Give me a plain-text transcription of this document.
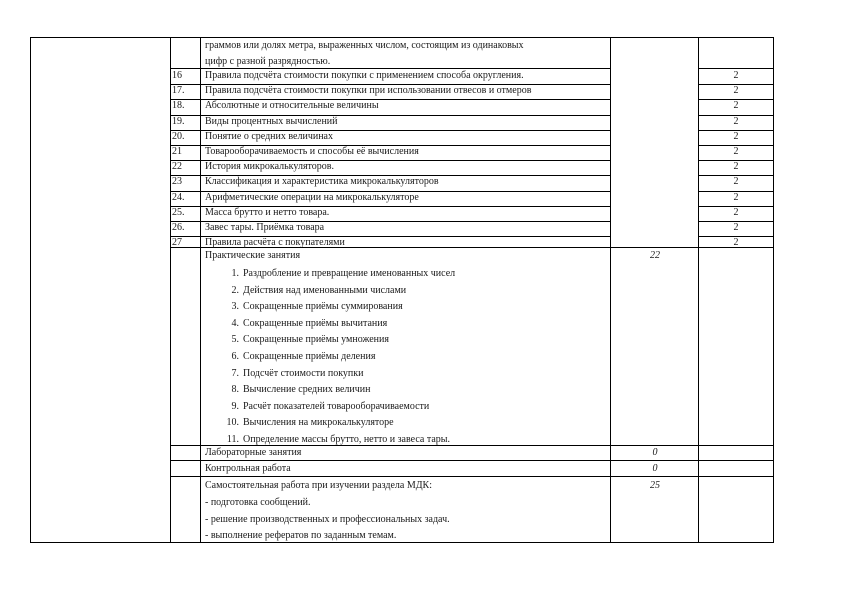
граммов или долях метра, выраженных числом, состоящим из одинаковых
цифр с разной разрядностью.
16 Правила подсчёта стоимости покупки с применением способа округления.	2
17. Правила подсчёта стоимости покупки при использовании отвесов и отмеров	2
18. Абсолютные и относительные величины	2
19. Виды процентных вычислений	2
20. Понятие о средних величинах	2
21 Товарооборачиваемость и способы её вычисления	2
22 История микрокалькуляторов.	2
23 Классификация и характеристика микрокалькуляторов	2
24. Арифметические операции на микрокалькуляторе	2
25. Масса брутто и нетто товара.	2
26. Завес тары. Приёмка товара	2
27 Правила расчёта с покупателями	2
Практические занятия	22
1. Раздробление и превращение именованных чисел
2. Действия над именованными числами
3. Сокращенные приёмы суммирования
4. Сокращенные приёмы вычитания
5. Сокращенные приёмы умножения
6. Сокращенные приёмы деления
7. Подсчёт стоимости покупки
8. Вычисление средних величин
9. Расчёт показателей товарооборачиваемости
10. Вычисления на микрокалькуляторе
11. Определение массы брутто, нетто и завеса тары.
Лабораторные занятия	0
Контрольная работа	0
Самостоятельная работа при изучении раздела МДК:	25
- подготовка сообщений.
- решение производственных и профессиональных задач.
- выполнение рефератов по заданным темам.
